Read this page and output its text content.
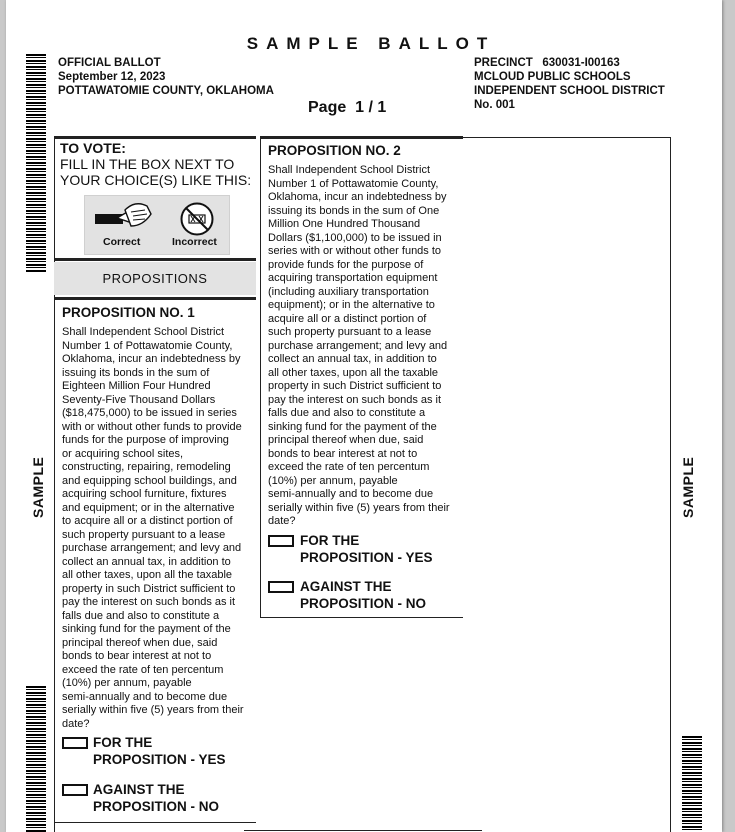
SAMPLE BALLOT
OFFICIAL BALLOT
September 12, 2023
POTTAWATOMIE COUNTY, OKLAHOMA
PRECINCT   630031-I00163
MCLOUD PUBLIC SCHOOLS
INDEPENDENT SCHOOL DISTRICT
No. 001
Page  1 / 1
SAMPLE	SAMPLE
TO VOTE:
FILL IN THE BOX NEXT TO YOUR CHOICE(S) LIKE THIS:
Correct	Incorrect
PROPOSITIONS
PROPOSITION NO. 1
Shall Independent School District
Number 1 of Pottawatomie County,
Oklahoma, incur an indebtedness by
issuing its bonds in the sum of
Eighteen Million Four Hundred
Seventy-Five Thousand Dollars
($18,475,000) to be issued in series
with or without other funds to provide
funds for the purpose of improving
or acquiring school sites,
constructing, repairing, remodeling
and equipping school buildings, and
acquiring school furniture, fixtures
and equipment; or in the alternative
to acquire all or a distinct portion of
such property pursuant to a lease
purchase arrangement; and levy and
collect an annual tax, in addition to
all other taxes, upon all the taxable
property in such District sufficient to
pay the interest on such bonds as it
falls due and also to constitute a
sinking fund for the payment of the
principal thereof when due, said
bonds to bear interest at not to
exceed the rate of ten percentum
(10%) per annum, payable
semi-annually and to become due
serially within five (5) years from their
date?
FOR THE
PROPOSITION - YES
AGAINST THE
PROPOSITION - NO
PROPOSITION NO. 2
Shall Independent School District
Number 1 of Pottawatomie County,
Oklahoma, incur an indebtedness by
issuing its bonds in the sum of One
Million One Hundred Thousand
Dollars ($1,100,000) to be issued in
series with or without other funds to
provide funds for the purpose of
acquiring transportation equipment
(including auxiliary transportation
equipment); or in the alternative to
acquire all or a distinct portion of
such property pursuant to a lease
purchase arrangement; and levy and
collect an annual tax, in addition to
all other taxes, upon all the taxable
property in such District sufficient to
pay the interest on such bonds as it
falls due and also to constitute a
sinking fund for the payment of the
principal thereof when due, said
bonds to bear interest at not to
exceed the rate of ten percentum
(10%) per annum, payable
semi-annually and to become due
serially within five (5) years from their
date?
FOR THE
PROPOSITION - YES
AGAINST THE
PROPOSITION - NO
